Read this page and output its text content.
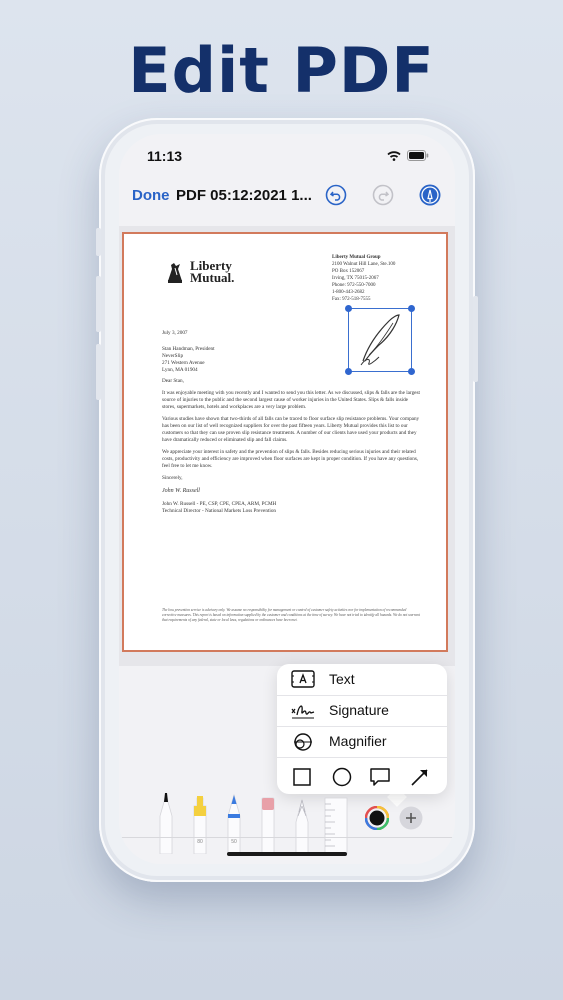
Edit PDF
11:13
Done PDF 05:12:2021 1...
Liberty
Mutual.
Liberty Mutual Group
2100 Walnut Hill Lane, Ste.100
PO Box 152067
Irving, TX 75015-2067
Phone: 972-550-7000
1-800-443-2682
Fax: 972-518-7555

July 3, 2007

Stan Handman, President
NeverSlip
271 Western Avenue
Lynn, MA 01904

Dear Stan,

It was enjoyable meeting with you recently and I wanted to send you this letter. As we discussed, slips & falls are the largest source of injuries to the public and the second largest cause of worker injuries in the United States. Slips & falls inside stores, supermarkets, hotels and workplaces are a very large problem.

Various studies have shown that two-thirds of all falls can be traced to floor surface slip resistance problems. Your company has been on our list of well recognized suppliers for over the past fifteen years. Liberty Mutual provides this list to our customers so that they can use proven slip resistance treatments. A number of our clients have used your products and they have dramatically reduced or eliminated slip and fall claims.

We appreciate your interest in safety and the prevention of slips & falls. Besides reducing serious injuries and their related costs, productivity and efficiency are improved when floor surfaces are kept in proper condition. If you have any questions, feel free to let me know.

Sincerely,

John W. Russell
John W. Russell - PE, CSP, CPE, CPEA, ARM, PCMH
Technical Director - National Markets Loss Prevention
The loss prevention service is advisory only. We assume no responsibility for management or control of customer safety activities nor for implementation of recommended corrective measures. This report is based on information supplied by the customer and conditions at the time of survey. We have not tried to identify all hazards. We do not warrant that requirements of any federal, state or local laws, regulations or ordinances have been met.
Text
Signature
Magnifier
80	50
